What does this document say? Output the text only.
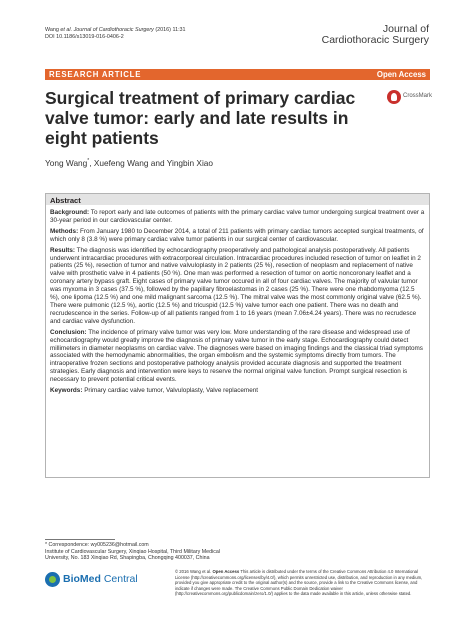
Wang et al. Journal of Cardiothoracic Surgery (2016) 11:31
DOI 10.1186/s13019-016-0406-2
Journal of
Cardiothoracic Surgery
RESEARCH ARTICLE	Open Access
Surgical treatment of primary cardiac valve tumor: early and late results in eight patients
CrossMark
Yong Wang*, Xuefeng Wang and Yingbin Xiao
Abstract

Background: To report early and late outcomes of patients with the primary cardiac valve tumor undergoing surgical treatment over a 30-year period in our cardiovascular center.

Methods: From January 1980 to December 2014, a total of 211 patients with primary cardiac tumors accepted surgical treatments, of which only 8 (3.8 %) were primary cardiac valve tumor patients in our surgical center of cardiovascular.

Results: The diagnosis was identified by echocardiography preoperatively and pathological analysis postoperatively. All patients underwent intracardiac procedures with extracorporeal circulation. Intracardiac procedures included resection of tumor on leaflet in 2 patients (25 %), resection of tumor and native valvuloplasty in 2 patients (25 %), resection of neoplasm and replacement of native valve with prosthetic valve in 4 patients (50 %). One man was performed a resection of tumor on aortic noncoronary leaflet and a coronary artery bypass graft. Eight cases of primary valve tumor occured in all of four cardiac valves. The majority of valvular tumor was myxoma in 3 cases (37.5 %), followed by the papillary fibroelastomas in 2 cases (25 %). There were one rhabdomyoma (12.5 %), one lipoma (12.5 %) and one mild malignant sarcoma (12.5 %). The mitral valve was the most commonly original valve (62.5 %). There were pulmonic (12.5 %), aortic (12.5 %) and tricuspid (12.5 %) valve tumor each one patient. There was no death and recrudescence in the series. Follow-up of all patients ranged from 1 to 16 years (mean 7.06±4.24 years). There was no recrudesce and cardiac valve dysfunction.

Conclusion: The incidence of primary valve tumor was very low. More understanding of the rare disease and widespread use of echocardiography would greatly improve the diagnosis of primary valve tumor in the early stage. Echocardiography could detect millimeters in diameter neoplasms on cardiac valve. The diagnoses were based on imaging findings and the classical triad symptoms associated with the hemodynamic abnormalities, the organ embolism and the systemic symptoms directly from tumors. The intraoperative frozen sections and postoperative pathology analysis provided accurate diagnosis and supported the treatment strategies. Early diagnosis and intervention were keys to reserve the normal original valve function. Prompt surgical resection is necessary to prevent potential critical events.

Keywords: Primary cardiac valve tumor, Valvuloplasty, Valve replacement

* Correspondence: wy005236@hotmail.com
Institute of Cardiovascular Surgery, Xinqiao Hospital, Third Military Medical University, No. 183 Xinqiao Rd, Shapingba, Chongqing 400037, China
BioMed Central
© 2016 Wang et al. Open Access This article is distributed under the terms of the Creative Commons Attribution 4.0 International License (http://creativecommons.org/licenses/by/4.0/), which permits unrestricted use, distribution, and reproduction in any medium, provided you give appropriate credit to the original author(s) and the source, provide a link to the Creative Commons license, and indicate if changes were made. The Creative Commons Public Domain Dedication waiver (http://creativecommons.org/publicdomain/zero/1.0/) applies to the data made available in this article, unless otherwise stated.
